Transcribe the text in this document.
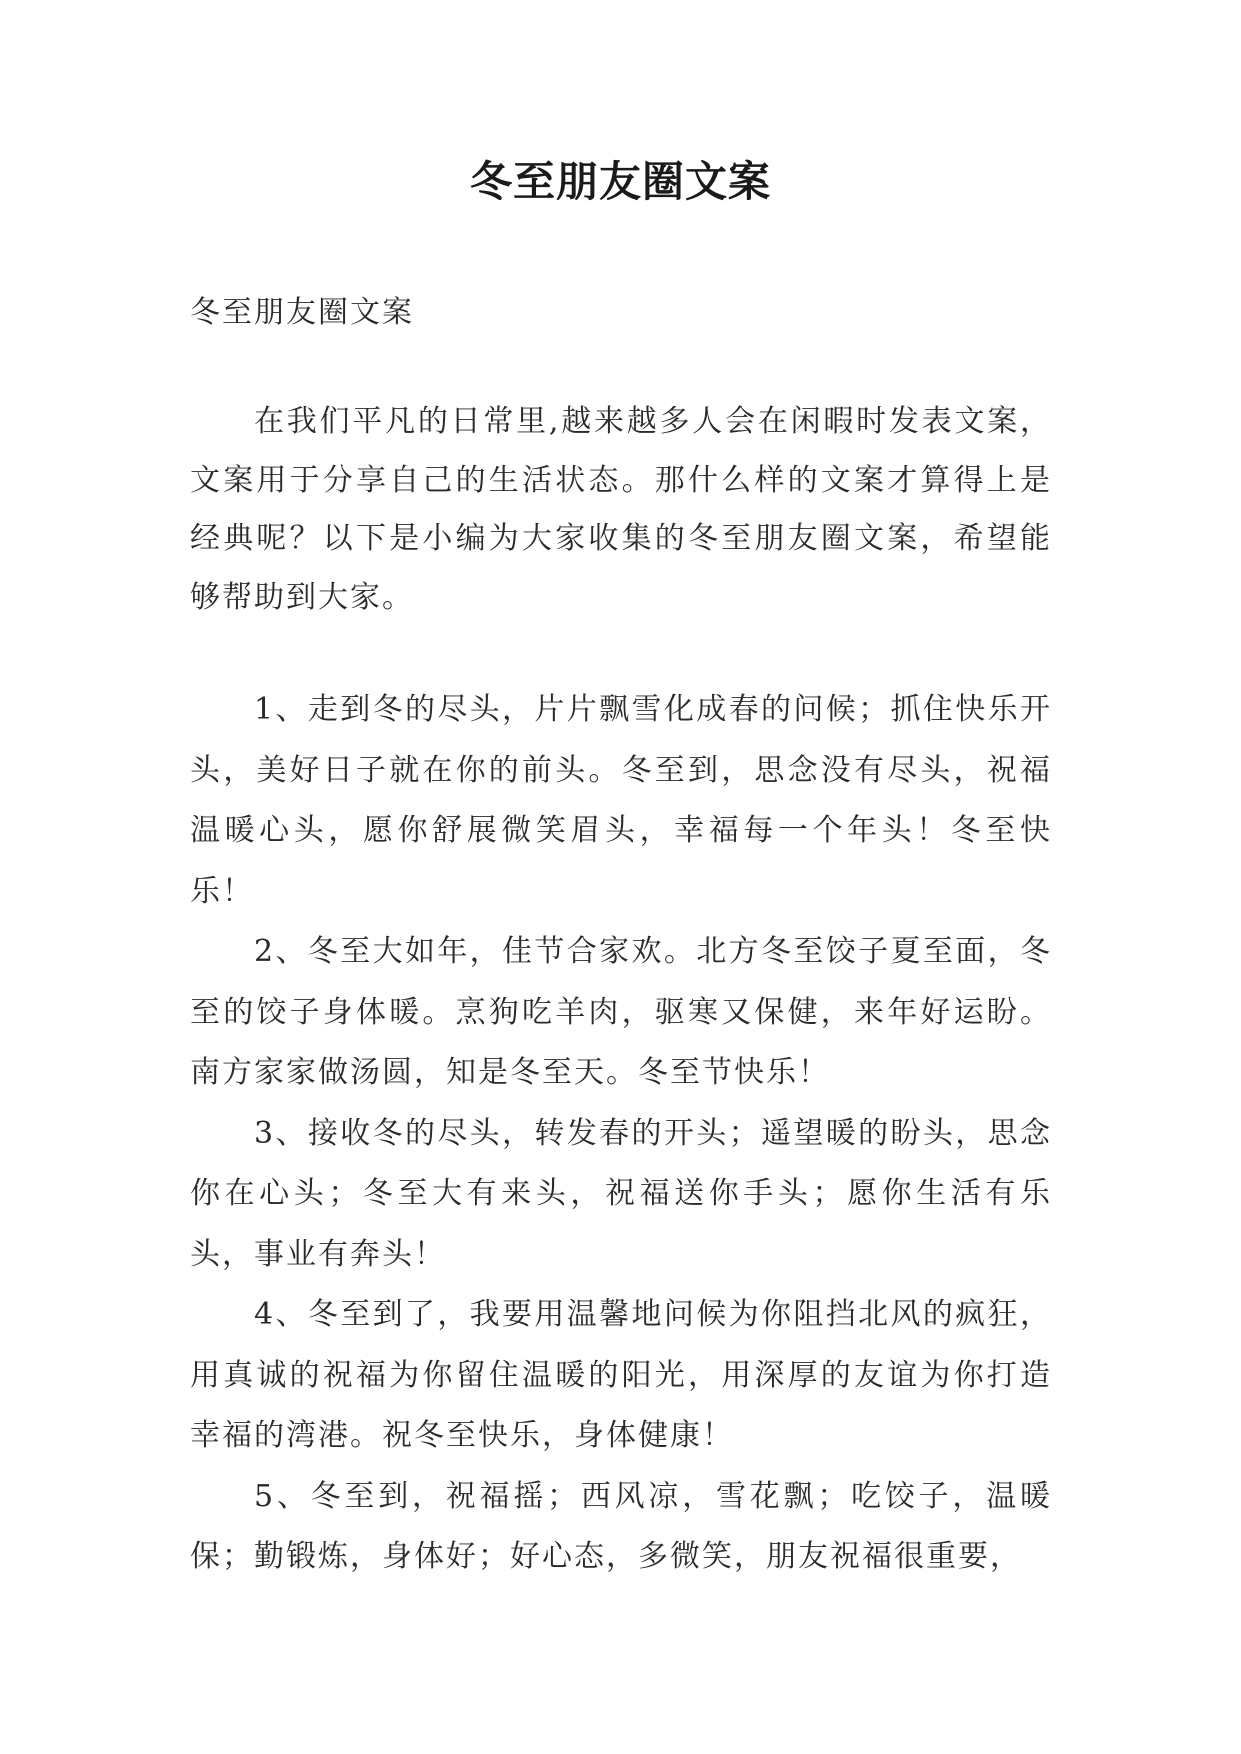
冬至朋友圈文案

冬至朋友圈文案

在我们平凡的日常里,越来越多人会在闲暇时发表文案，文案用于分享自己的生活状态。那什么样的文案才算得上是经典呢？以下是小编为大家收集的冬至朋友圈文案，希望能够帮助到大家。

1、走到冬的尽头，片片飘雪化成春的问候；抓住快乐开头，美好日子就在你的前头。冬至到，思念没有尽头，祝福温暖心头，愿你舒展微笑眉头，幸福每一个年头！冬至快乐！

2、冬至大如年，佳节合家欢。北方冬至饺子夏至面，冬至的饺子身体暖。烹狗吃羊肉，驱寒又保健，来年好运盼。南方家家做汤圆，知是冬至天。冬至节快乐！

3、接收冬的尽头，转发春的开头；遥望暖的盼头，思念你在心头；冬至大有来头，祝福送你手头；愿你生活有乐头，事业有奔头！

4、冬至到了，我要用温馨地问候为你阻挡北风的疯狂，用真诚的祝福为你留住温暖的阳光，用深厚的友谊为你打造幸福的湾港。祝冬至快乐，身体健康！

5、冬至到，祝福摇；西风凉，雪花飘；吃饺子，温暖保；勤锻炼，身体好；好心态，多微笑，朋友祝福很重要，
